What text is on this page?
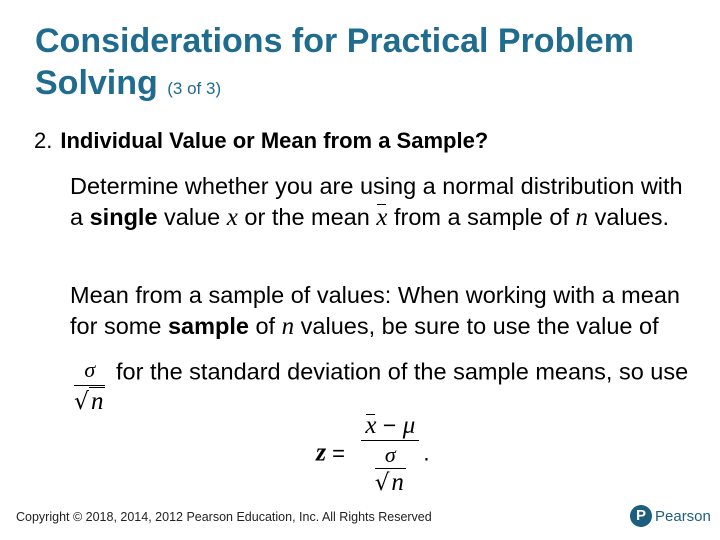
Considerations for Practical Problem Solving (3 of 3)
2. Individual Value or Mean from a Sample?
Determine whether you are using a normal distribution with a single value x or the mean x from a sample of n values.
Mean from a sample of values: When working with a mean for some sample of n values, be sure to use the value of
$\frac{\sigma}{√n}$ for the standard deviation of the sample means, so use
$z = \frac{x - \mu}{\frac{\sigma}{√n}}$ .
Copyright © 2018, 2014, 2012 Pearson Education, Inc. All Rights Reserved	P Pearson
